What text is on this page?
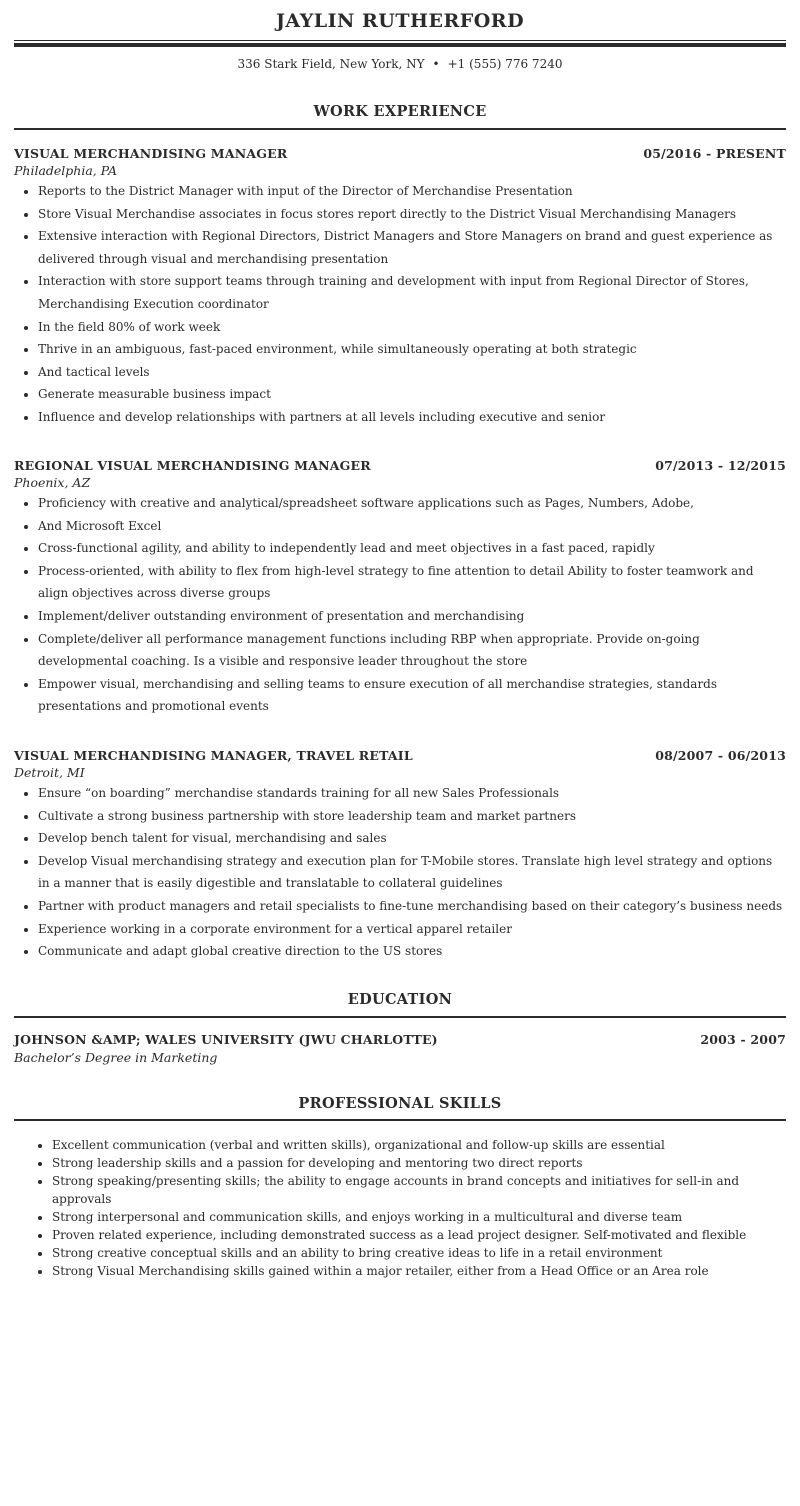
JAYLIN RUTHERFORD
336 Stark Field, New York, NY • +1 (555) 776 7240
WORK EXPERIENCE
VISUAL MERCHANDISING MANAGER	05/2016 - PRESENT
Philadelphia, PA
• Reports to the District Manager with input of the Director of Merchandise Presentation
• Store Visual Merchandise associates in focus stores report directly to the District Visual Merchandising Managers
• Extensive interaction with Regional Directors, District Managers and Store Managers on brand and guest experience as delivered through visual and merchandising presentation
• Interaction with store support teams through training and development with input from Regional Director of Stores, Merchandising Execution coordinator
• In the field 80% of work week
• Thrive in an ambiguous, fast-paced environment, while simultaneously operating at both strategic
• And tactical levels
• Generate measurable business impact
• Influence and develop relationships with partners at all levels including executive and senior
REGIONAL VISUAL MERCHANDISING MANAGER	07/2013 - 12/2015
Phoenix, AZ
• Proficiency with creative and analytical/spreadsheet software applications such as Pages, Numbers, Adobe,
• And Microsoft Excel
• Cross-functional agility, and ability to independently lead and meet objectives in a fast paced, rapidly
• Process-oriented, with ability to flex from high-level strategy to fine attention to detail Ability to foster teamwork and align objectives across diverse groups
• Implement/deliver outstanding environment of presentation and merchandising
• Complete/deliver all performance management functions including RBP when appropriate. Provide on-going developmental coaching. Is a visible and responsive leader throughout the store
• Empower visual, merchandising and selling teams to ensure execution of all merchandise strategies, standards presentations and promotional events
VISUAL MERCHANDISING MANAGER, TRAVEL RETAIL	08/2007 - 06/2013
Detroit, MI
• Ensure “on boarding” merchandise standards training for all new Sales Professionals
• Cultivate a strong business partnership with store leadership team and market partners
• Develop bench talent for visual, merchandising and sales
• Develop Visual merchandising strategy and execution plan for T-Mobile stores. Translate high level strategy and options in a manner that is easily digestible and translatable to collateral guidelines
• Partner with product managers and retail specialists to fine-tune merchandising based on their category’s business needs
• Experience working in a corporate environment for a vertical apparel retailer
• Communicate and adapt global creative direction to the US stores
EDUCATION
JOHNSON &AMP; WALES UNIVERSITY (JWU CHARLOTTE)	2003 - 2007
Bachelor’s Degree in Marketing
PROFESSIONAL SKILLS
• Excellent communication (verbal and written skills), organizational and follow-up skills are essential
• Strong leadership skills and a passion for developing and mentoring two direct reports
• Strong speaking/presenting skills; the ability to engage accounts in brand concepts and initiatives for sell-in and approvals
• Strong interpersonal and communication skills, and enjoys working in a multicultural and diverse team
• Proven related experience, including demonstrated success as a lead project designer. Self-motivated and flexible
• Strong creative conceptual skills and an ability to bring creative ideas to life in a retail environment
• Strong Visual Merchandising skills gained within a major retailer, either from a Head Office or an Area role
